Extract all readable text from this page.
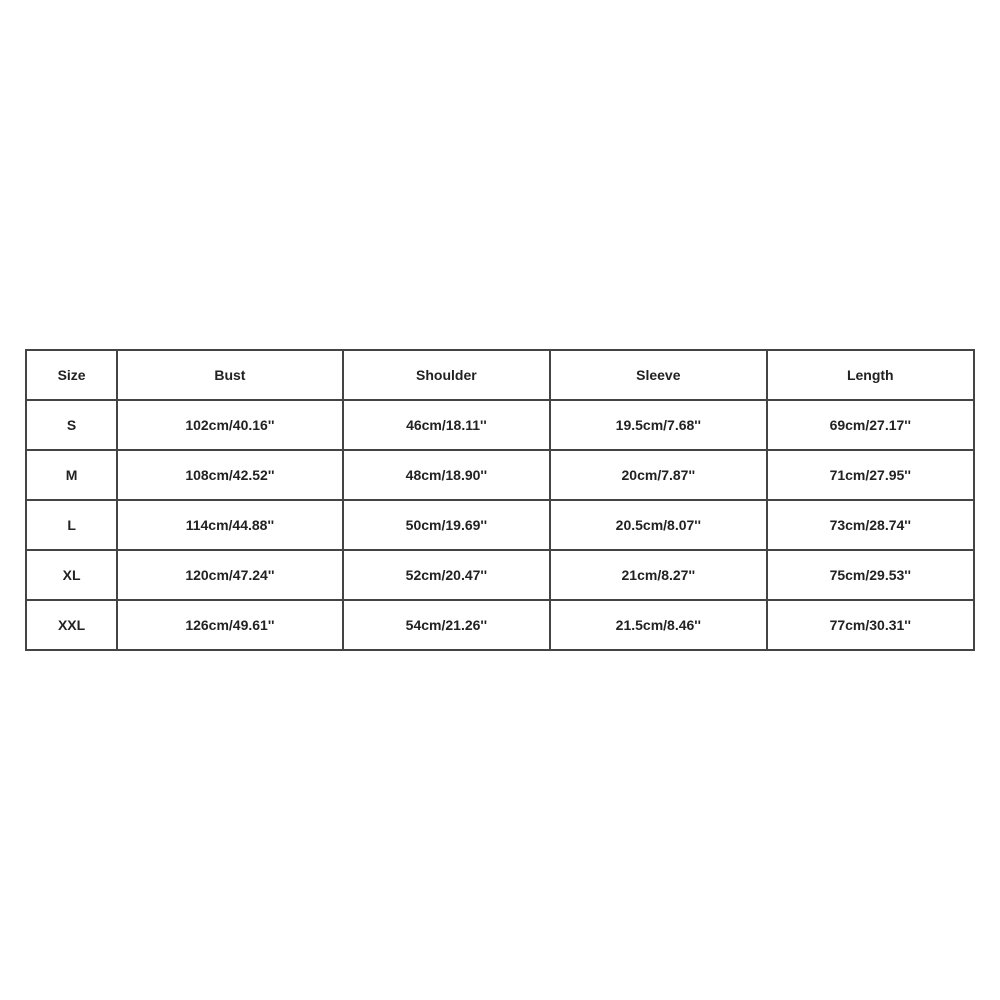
Size	Bust	Shoulder	Sleeve	Length
S	102cm/40.16''	46cm/18.11''	19.5cm/7.68''	69cm/27.17''
M	108cm/42.52''	48cm/18.90''	20cm/7.87''	71cm/27.95''
L	114cm/44.88''	50cm/19.69''	20.5cm/8.07''	73cm/28.74''
XL	120cm/47.24''	52cm/20.47''	21cm/8.27''	75cm/29.53''
XXL	126cm/49.61''	54cm/21.26''	21.5cm/8.46''	77cm/30.31''
